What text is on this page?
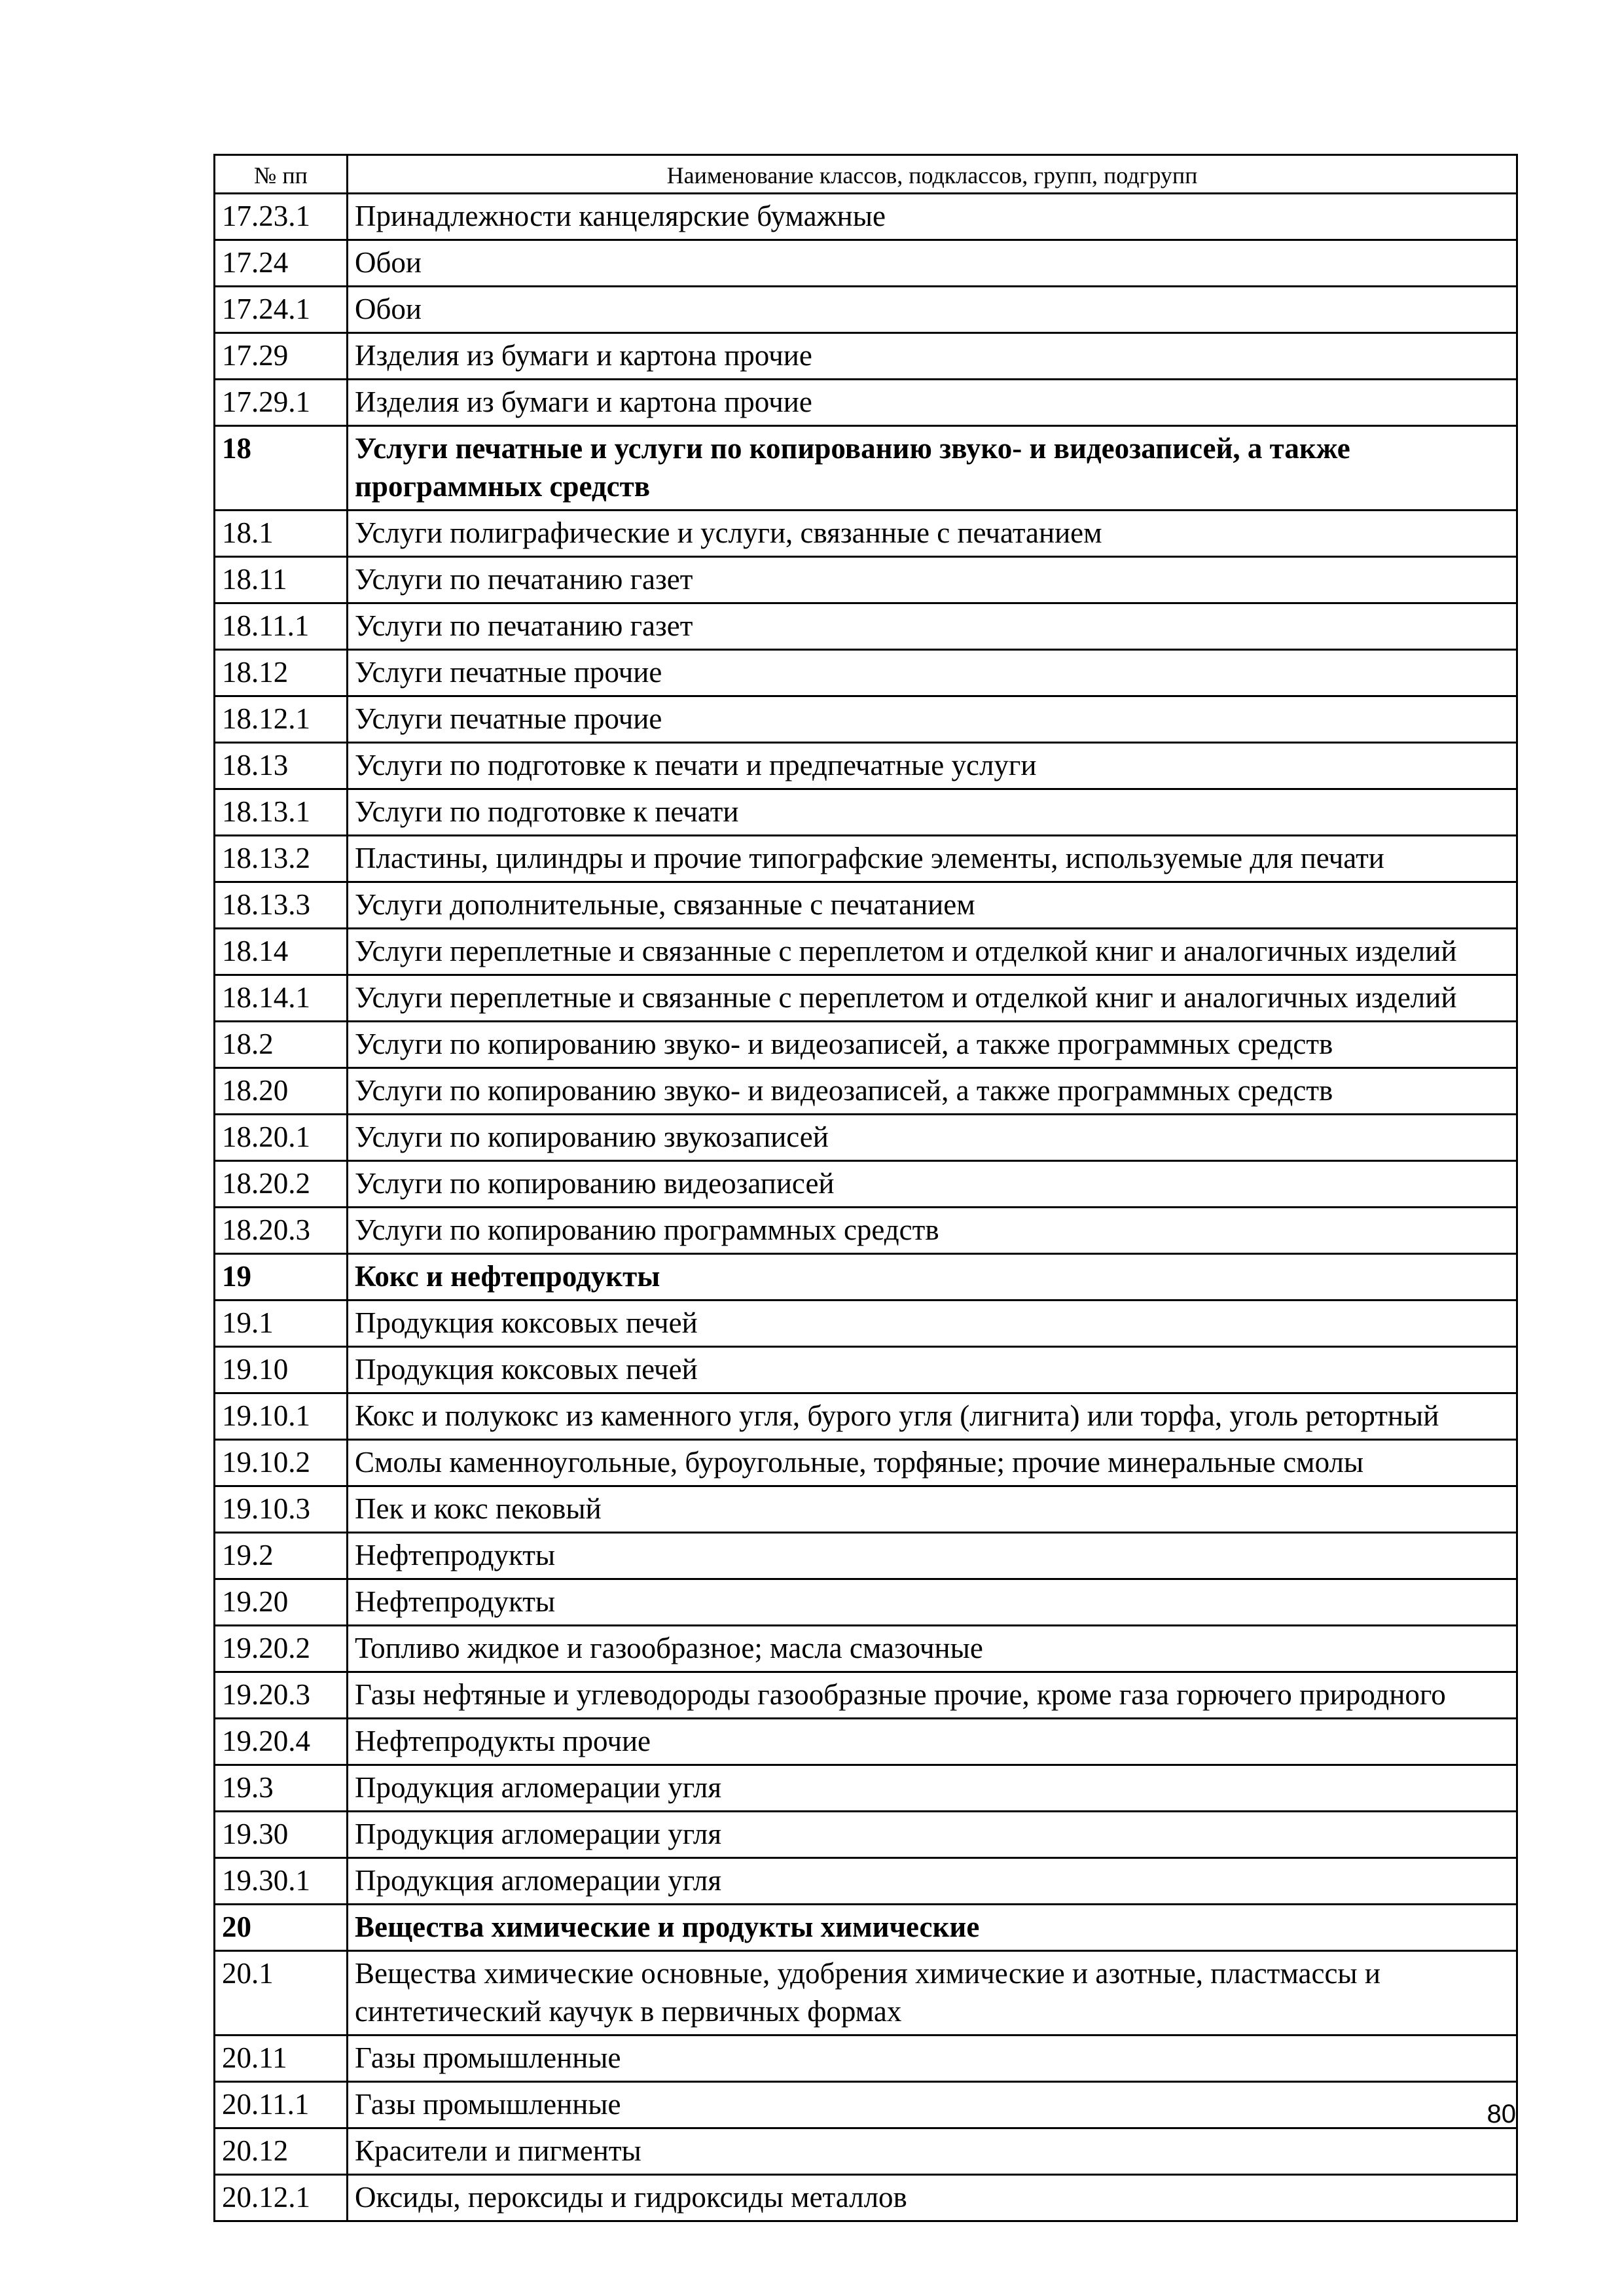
№ пп	Наименование классов, подклассов, групп, подгрупп
17.23.1	Принадлежности канцелярские бумажные
17.24	Обои
17.24.1	Обои
17.29	Изделия из бумаги и картона прочие
17.29.1	Изделия из бумаги и картона прочие
18	Услуги печатные и услуги по копированию звуко- и видеозаписей, а также программных средств
18.1	Услуги полиграфические и услуги, связанные с печатанием
18.11	Услуги по печатанию газет
18.11.1	Услуги по печатанию газет
18.12	Услуги печатные прочие
18.12.1	Услуги печатные прочие
18.13	Услуги по подготовке к печати и предпечатные услуги
18.13.1	Услуги по подготовке к печати
18.13.2	Пластины, цилиндры и прочие типографские элементы, используемые для печати
18.13.3	Услуги дополнительные, связанные с печатанием
18.14	Услуги переплетные и связанные с переплетом и отделкой книг и аналогичных изделий
18.14.1	Услуги переплетные и связанные с переплетом и отделкой книг и аналогичных изделий
18.2	Услуги по копированию звуко- и видеозаписей, а также программных средств
18.20	Услуги по копированию звуко- и видеозаписей, а также программных средств
18.20.1	Услуги по копированию звукозаписей
18.20.2	Услуги по копированию видеозаписей
18.20.3	Услуги по копированию программных средств
19	Кокс и нефтепродукты
19.1	Продукция коксовых печей
19.10	Продукция коксовых печей
19.10.1	Кокс и полукокс из каменного угля, бурого угля (лигнита) или торфа, уголь ретортный
19.10.2	Смолы каменноугольные, буроугольные, торфяные; прочие минеральные смолы
19.10.3	Пек и кокс пековый
19.2	Нефтепродукты
19.20	Нефтепродукты
19.20.2	Топливо жидкое и газообразное; масла смазочные
19.20.3	Газы нефтяные и углеводороды газообразные прочие, кроме газа горючего природного
19.20.4	Нефтепродукты прочие
19.3	Продукция агломерации угля
19.30	Продукция агломерации угля
19.30.1	Продукция агломерации угля
20	Вещества химические и продукты химические
20.1	Вещества химические основные, удобрения химические и азотные, пластмассы и синтетический каучук в первичных формах
20.11	Газы промышленные
20.11.1	Газы промышленные
20.12	Красители и пигменты
20.12.1	Оксиды, пероксиды и гидроксиды металлов
80
